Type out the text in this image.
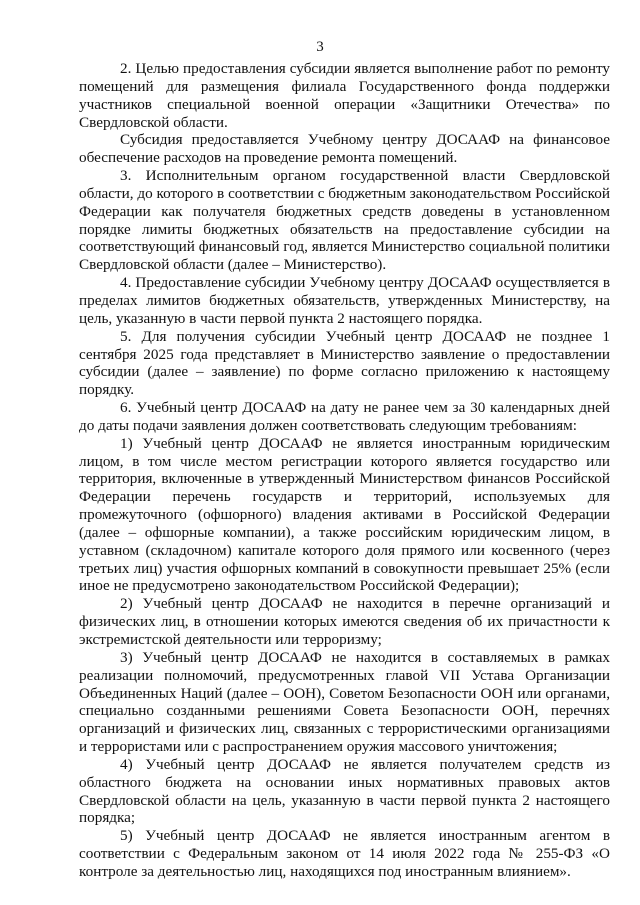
3

2. Целью предоставления субсидии является выполнение работ по ремонту помещений для размещения филиала Государственного фонда поддержки участников специальной военной операции «Защитники Отечества» по Свердловской области.

Субсидия предоставляется Учебному центру ДОСААФ на финансовое обеспечение расходов на проведение ремонта помещений.

3. Исполнительным органом государственной власти Свердловской области, до которого в соответствии с бюджетным законодательством Российской Федерации как получателя бюджетных средств доведены в установленном порядке лимиты бюджетных обязательств на предоставление субсидии на соответствующий финансовый год, является Министерство социальной политики Свердловской области (далее – Министерство).

4. Предоставление субсидии Учебному центру ДОСААФ осуществляется в пределах лимитов бюджетных обязательств, утвержденных Министерству, на цель, указанную в части первой пункта 2 настоящего порядка.

5. Для получения субсидии Учебный центр ДОСААФ не позднее 1 сентября 2025 года представляет в Министерство заявление о предоставлении субсидии (далее – заявление) по форме согласно приложению к настоящему порядку.

6. Учебный центр ДОСААФ на дату не ранее чем за 30 календарных дней до даты подачи заявления должен соответствовать следующим требованиям:

1) Учебный центр ДОСААФ не является иностранным юридическим лицом, в том числе местом регистрации которого является государство или территория, включенные в утвержденный Министерством финансов Российской Федерации перечень государств и территорий, используемых для промежуточного (офшорного) владения активами в Российской Федерации (далее – офшорные компании), а также российским юридическим лицом, в уставном (складочном) капитале которого доля прямого или косвенного (через третьих лиц) участия офшорных компаний в совокупности превышает 25% (если иное не предусмотрено законодательством Российской Федерации);

2) Учебный центр ДОСААФ не находится в перечне организаций и физических лиц, в отношении которых имеются сведения об их причастности к экстремистской деятельности или терроризму;

3) Учебный центр ДОСААФ не находится в составляемых в рамках реализации полномочий, предусмотренных главой VII Устава Организации Объединенных Наций (далее – ООН), Советом Безопасности ООН или органами, специально созданными решениями Совета Безопасности ООН, перечнях организаций и физических лиц, связанных с террористическими организациями и террористами или с распространением оружия массового уничтожения;

4) Учебный центр ДОСААФ не является получателем средств из областного бюджета на основании иных нормативных правовых актов Свердловской области на цель, указанную в части первой пункта 2 настоящего порядка;

5) Учебный центр ДОСААФ не является иностранным агентом в соответствии с Федеральным законом от 14 июля 2022 года № 255-ФЗ «О контроле за деятельностью лиц, находящихся под иностранным влиянием».
